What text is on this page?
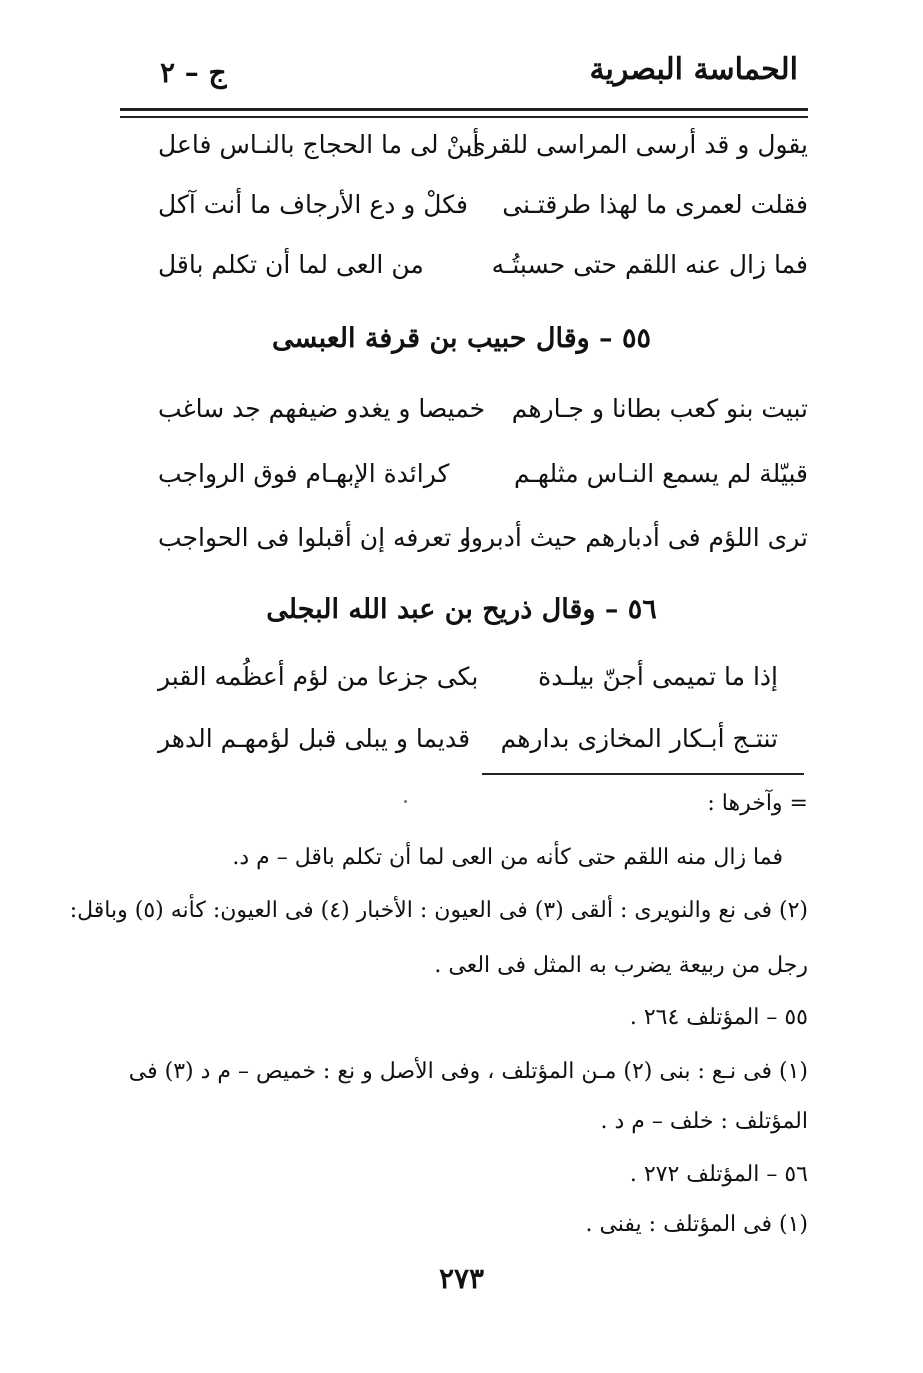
الحماسة البصرية
ج – ٢
يقول و قد أرسى المراسى للقرى
أبنْ لى ما الحجاج بالنـاس فاعل
فقلت لعمرى ما لهذا طرقتـنى
فكلْ و دع الأرجاف ما أنت آكل
فما زال عنه اللقم حتى حسبتُـه
من العى لما أن تكلم باقل
٥٥ – وقال حبيب بن قرفة العبسى
تبيت بنو كعب بطانا و جـارهم
خميصا و يغدو ضيفهم جد ساغب
قبيّلة لم يسمع النـاس مثلهـم
كرائدة الإبهـام فوق الرواجب
ترى اللؤم فى أدبارهم حيث أدبروا
و تعرفه إن أقبلوا فى الحواجب
٥٦ – وقال ذريح بن عبد الله البجلى
إذا ما تميمى أجنّ بيلـدة
بكى جزعا من لؤم أعظُمه القبر
تنتـج أبـكار المخازى بدارهم
قديما و يبلى قبل لؤمهـم الدهر
= وآخرها :
فما زال منه اللقم حتى كأنه من العى لما أن تكلم باقل – م د.
(٢) فى نع والنويرى : ألقى (٣) فى العيون : الأخبار (٤) فى العيون: كأنه (٥) وباقل:
رجل من ربيعة يضرب به المثل فى العى .
٥٥ – المؤتلف ٢٦٤ .
(١) فى نـع : بنى (٢) مـن المؤتلف ، وفى الأصل و نع : خميص – م د (٣) فى
المؤتلف : خلف – م د .
٥٦ – المؤتلف ٢٧٢ .
(١) فى المؤتلف : يفنى .
٢٧٣
